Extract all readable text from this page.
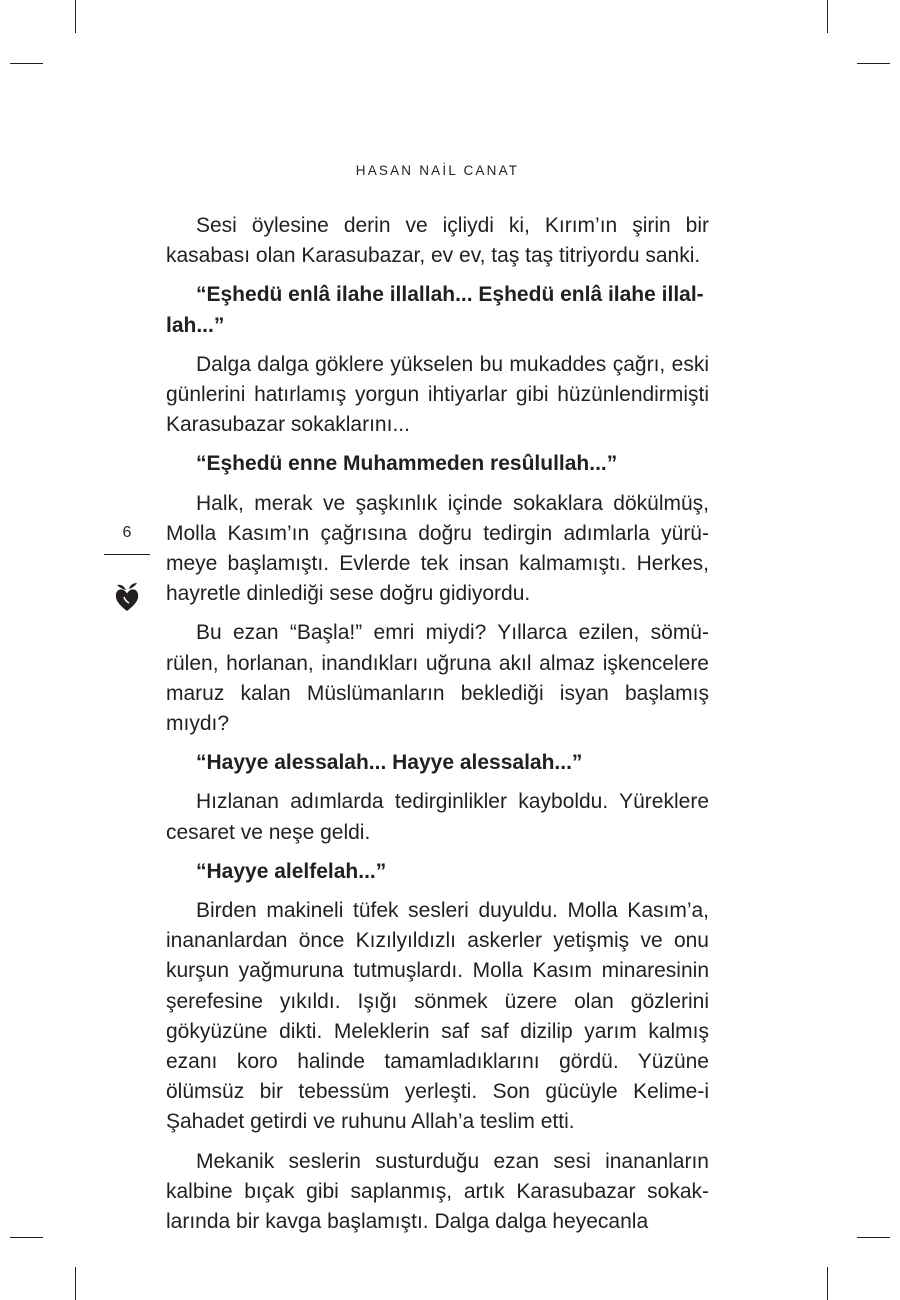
HASAN NAİL CANAT
6

Sesi öylesine derin ve içliydi ki, Kırım’ın şirin bir kasabası olan Karasubazar, ev ev, taş taş titriyordu sanki.

“Eşhedü enlâ ilahe illallah... Eşhedü enlâ ilahe illallah...”

Dalga dalga göklere yükselen bu mukaddes çağrı, eski günlerini hatırlamış yorgun ihtiyarlar gibi hüzünlendirmişti Karasubazar sokaklarını...

“Eşhedü enne Muhammeden resûlullah...”

Halk, merak ve şaşkınlık içinde sokaklara dökülmüş, Molla Kasım’ın çağrısına doğru tedirgin adımlarla yürümeye başlamıştı. Evlerde tek insan kalmamıştı. Herkes, hayretle dinlediği sese doğru gidiyordu.

Bu ezan “Başla!” emri miydi? Yıllarca ezilen, sömürülen, horlanan, inandıkları uğruna akıl almaz işkencelere maruz kalan Müslümanların beklediği isyan başlamış mıydı?

“Hayye alessalah... Hayye alessalah...”

Hızlanan adımlarda tedirginlikler kayboldu. Yüreklere cesaret ve neşe geldi.

“Hayye alelfelah...”

Birden makineli tüfek sesleri duyuldu. Molla Kasım’a, inananlardan önce Kızılyıldızlı askerler yetişmiş ve onu kurşun yağmuruna tutmuşlardı. Molla Kasım minaresinin şerefesine yıkıldı. Işığı sönmek üzere olan gözlerini gökyüzüne dikti. Meleklerin saf saf dizilip yarım kalmış ezanı koro halinde tamamladıklarını gördü. Yüzüne ölümsüz bir tebessüm yerleşti. Son gücüyle Kelime-i Şahadet getirdi ve ruhunu Allah’a teslim etti.

Mekanik seslerin susturduğu ezan sesi inananların kalbine bıçak gibi saplanmış, artık Karasubazar sokaklarında bir kavga başlamıştı. Dalga dalga heyecanla
